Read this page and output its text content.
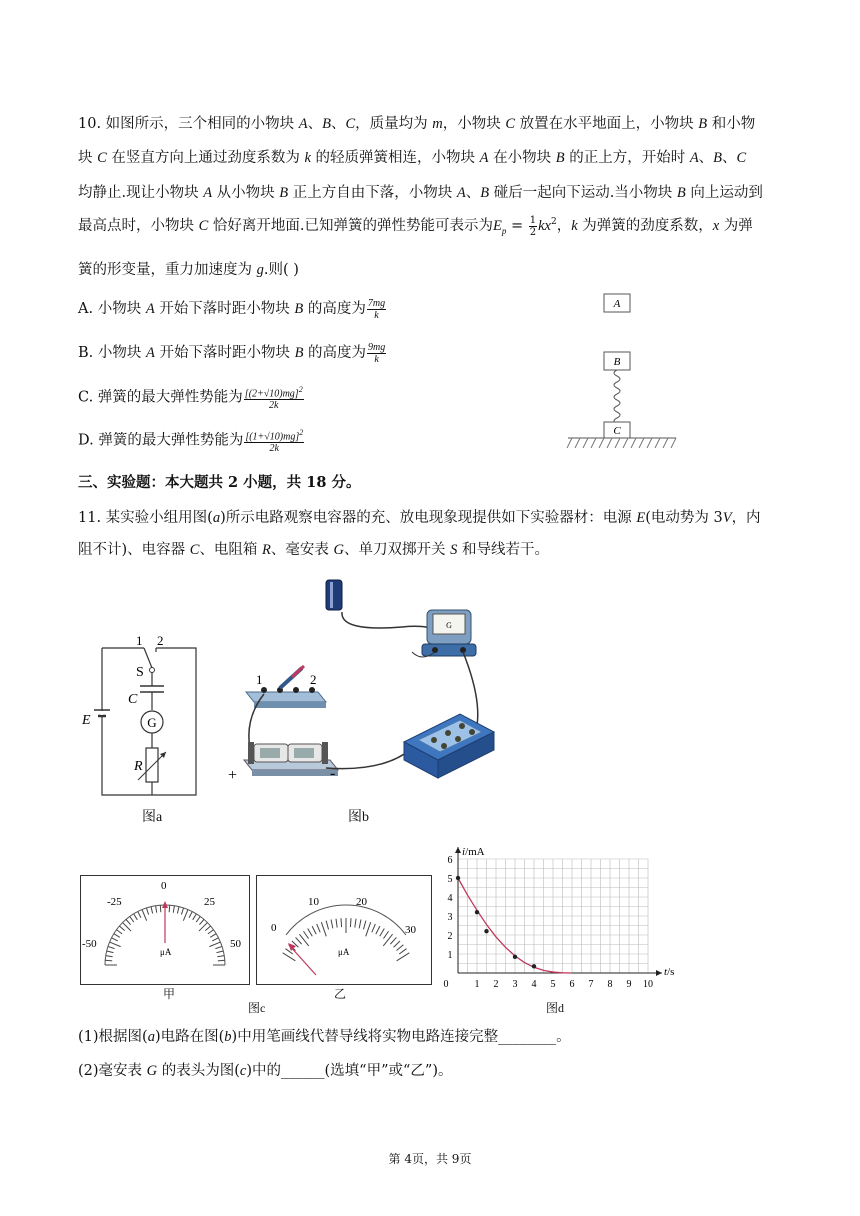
10. 如图所示，三个相同的小物块 A、B、C，质量均为 m，小物块 C 放置在水平地面上，小物块 B 和小物
块 C 在竖直方向上通过劲度系数为 k 的轻质弹簧相连，小物块 A 在小物块 B 的正上方，开始时 A、B、C
均静止.现让小物块 A 从小物块 B 正上方自由下落，小物块 A、B 碰后一起向下运动.当小物块 B 向上运动到
最高点时，小物块 C 恰好离开地面.已知弹簧的弹性势能可表示为$E_p = \frac{1}{2} kx^2$，k 为弹簧的劲度系数，x 为弹
簧的形变量，重力加速度为 g.则( )
A. 小物块 A 开始下落时距小物块 B 的高度为 $\frac{7mg}{k}$
B. 小物块 A 开始下落时距小物块 B 的高度为 $\frac{9mg}{k}$
C. 弹簧的最大弹性势能为 $\frac{[(2+√10)mg]^2}{2k}$
D. 弹簧的最大弹性势能为 $\frac{[(1+√10)mg]^2}{2k}$
A
B
C
三、实验题：本大题共 2 小题，共 18 分。
11. 某实验小组用图(a)所示电路观察电容器的充、放电现象现提供如下实验器材：电源 E(电动势为 3V，内
阻不计)、电容器 C、电阻箱 R、毫安表 G、单刀双掷开关 S 和导线若干。
1 2
S
C
G
R
E
图a
G
1	2
+	-
图b
-50
-25
0
25
50
μA
甲
0
10	20
30
μA
乙
图c
0	1 2 3 4 5 6 7 8 9 10
1
2
3
4
5
6
i/mA
t/s
图d
(1)根据图(a)电路在图(b)中用笔画线代替导线将实物电路连接完整________。
(2)毫安表 G 的表头为图(c)中的______(选填“甲”或“乙”)。
第 4页，共 9页
